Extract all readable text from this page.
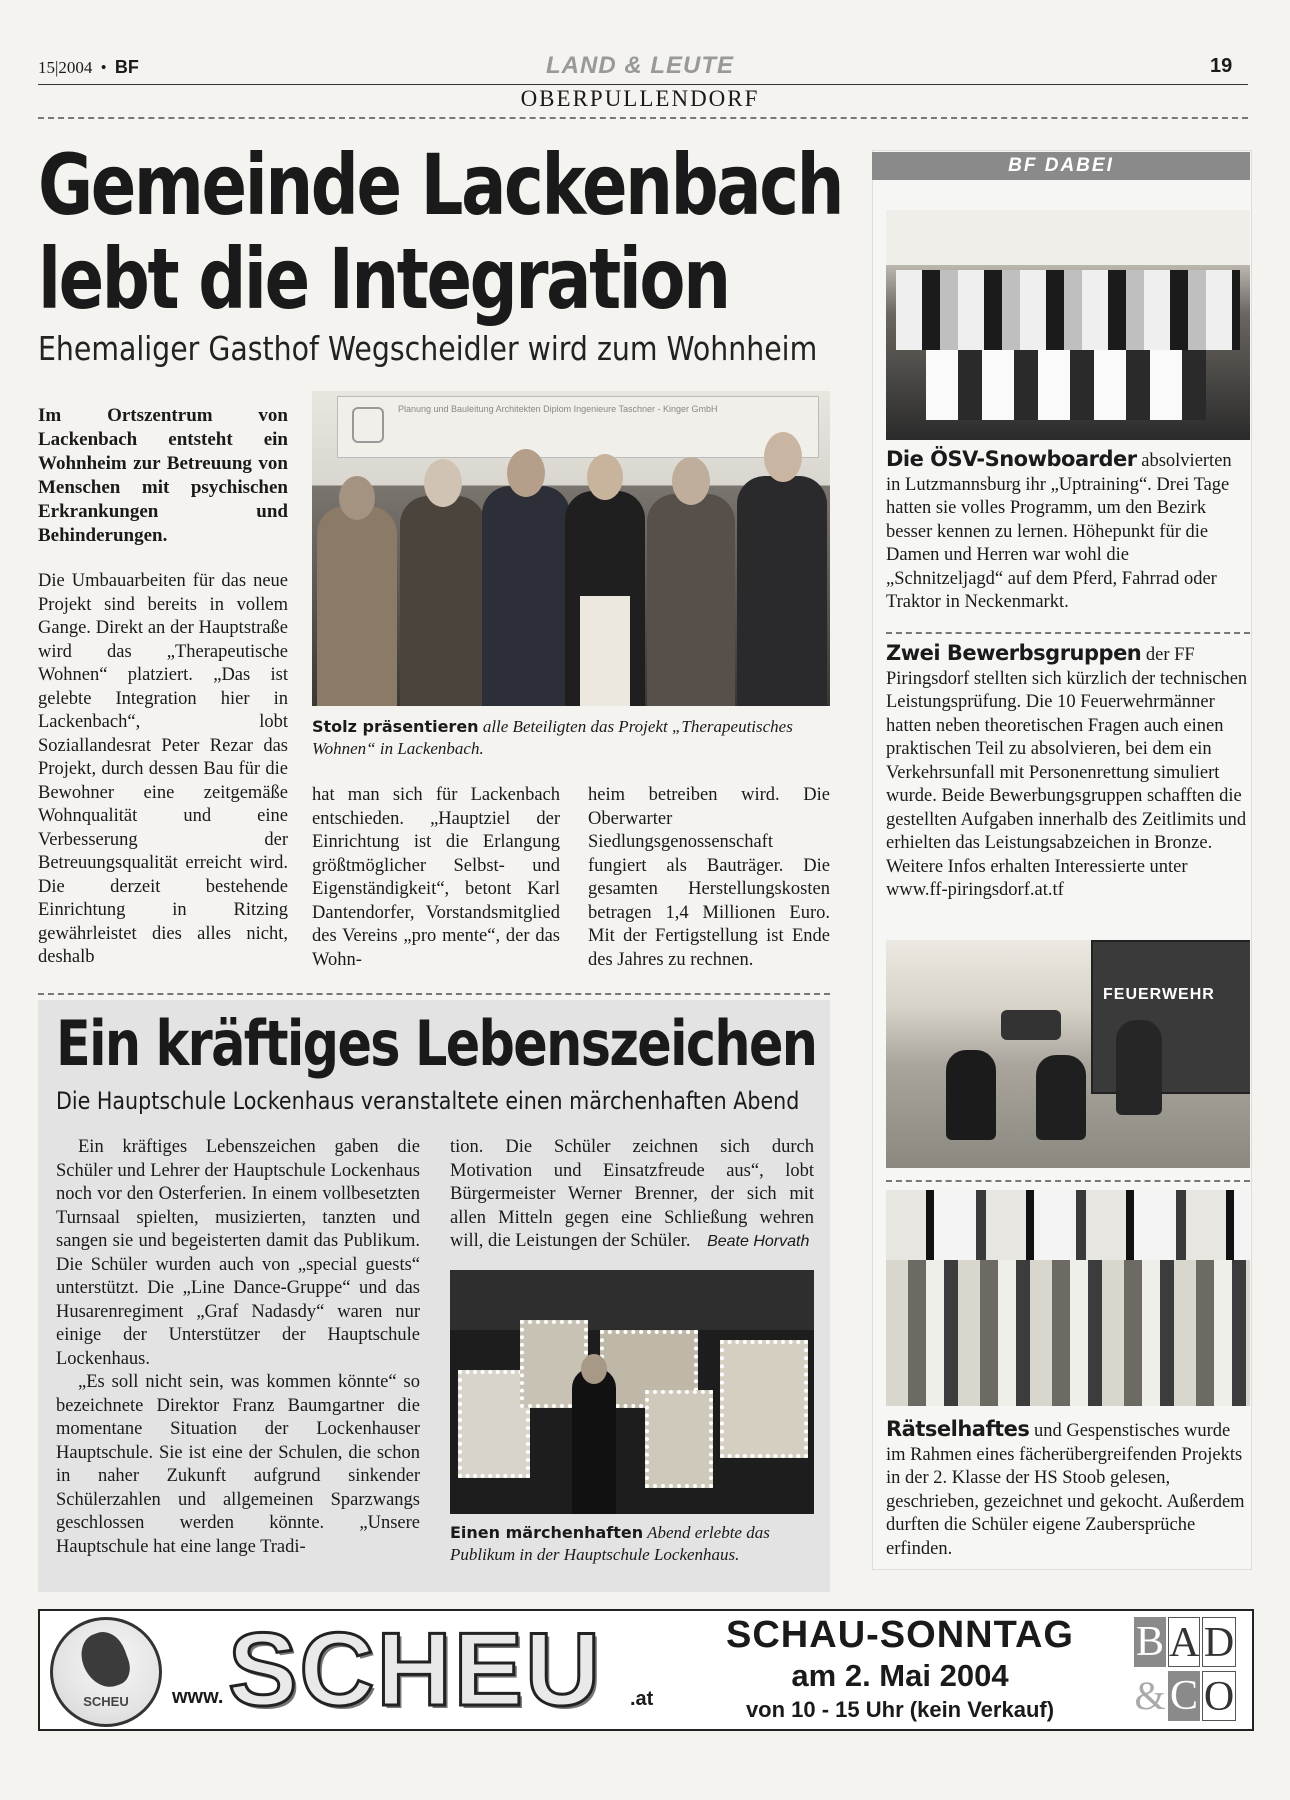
15|2004 • BF	LAND & LEUTE	19
OBERPULLENDORF
Gemeinde Lackenbach
lebt die Integration
Ehemaliger Gasthof Wegscheidler wird zum Wohnheim
Im Ortszentrum von Lackenbach entsteht ein Wohnheim zur Betreuung von Menschen mit psychischen Erkrankungen und Behinderungen.
Die Umbauarbeiten für das neue Projekt sind bereits in vollem Gange. Direkt an der Hauptstraße wird das „Therapeutische Wohnen“ platziert. „Das ist gelebte Integration hier in Lackenbach“, lobt Soziallandesrat Peter Rezar das Projekt, durch dessen Bau für die Bewohner eine zeitgemäße Wohnqualität und eine Verbesserung der Betreuungsqualität erreicht wird. Die derzeit bestehende Einrichtung in Ritzing gewährleistet dies alles nicht, deshalb
Planung und Bauleitung Architekten Diplom Ingenieure Taschner - Kinger GmbH
Stolz präsentieren alle Beteiligten das Projekt „Therapeutisches Wohnen“ in Lackenbach.
hat man sich für Lackenbach entschieden. „Hauptziel der Einrichtung ist die Erlangung größtmöglicher Selbst- und Eigenständigkeit“, betont Karl Dantendorfer, Vorstandsmitglied des Vereins „pro mente“, der das Wohn-
heim betreiben wird. Die Oberwarter Siedlungsgenossenschaft fungiert als Bauträger. Die gesamten Herstellungskosten betragen 1,4 Millionen Euro. Mit der Fertigstellung ist Ende des Jahres zu rechnen.
Ein kräftiges Lebenszeichen
Die Hauptschule Lockenhaus veranstaltete einen märchenhaften Abend

Ein kräftiges Lebenszeichen gaben die Schüler und Lehrer der Hauptschule Lockenhaus noch vor den Osterferien. In einem vollbesetzten Turnsaal spielten, musizierten, tanzten und sangen sie und begeisterten damit das Publikum. Die Schüler wurden auch von „special guests“ unterstützt. Die „Line Dance-Gruppe“ und das Husarenregiment „Graf Nadasdy“ waren nur einige der Unterstützer der Hauptschule Lockenhaus.

„Es soll nicht sein, was kommen könnte“ so bezeichnete Direktor Franz Baumgartner die momentane Situation der Lockenhauser Hauptschule. Sie ist eine der Schulen, die schon in naher Zukunft aufgrund sinkender Schülerzahlen und allgemeinen Sparzwangs geschlossen werden könnte. „Unsere Hauptschule hat eine lange Tradi-

tion. Die Schüler zeichnen sich durch Motivation und Einsatzfreude aus“, lobt Bürgermeister Werner Brenner, der sich mit allen Mitteln gegen eine Schließung wehren will, die Leistungen der Schüler. Beate Horvath
Einen märchenhaften Abend erlebte das Publikum in der Hauptschule Lockenhaus.
BF DABEI
Die ÖSV-Snowboarder absolvierten in Lutzmannsburg ihr „Uptraining“. Drei Tage hatten sie volles Programm, um den Bezirk besser kennen zu lernen. Höhepunkt für die Damen und Herren war wohl die „Schnitzeljagd“ auf dem Pferd, Fahrrad oder Traktor in Neckenmarkt.
Zwei Bewerbsgruppen der FF Piringsdorf stellten sich kürzlich der technischen Leistungsprüfung. Die 10 Feuerwehrmänner hatten neben theoretischen Fragen auch einen praktischen Teil zu absolvieren, bei dem ein Verkehrsunfall mit Personenrettung simuliert wurde. Beide Bewerbungsgruppen schafften die gestellten Aufgaben innerhalb des Zeitlimits und erhielten das Leistungsabzeichen in Bronze. Weitere Infos erhalten Interessierte unter www.ff-piringsdorf.at.tf
FEUERWEHR
Rätselhaftes und Gespenstisches wurde im Rahmen eines fächerübergreifenden Projekts in der 2. Klasse der HS Stoob gelesen, geschrieben, gezeichnet und gekocht. Außerdem durften die Schüler eigene Zaubersprüche erfinden.
SCHEU	www. SCHEU .at
SCHAU-SONNTAG
am 2. Mai 2004
von 10 - 15 Uhr (kein Verkauf)
B A D
& C O
